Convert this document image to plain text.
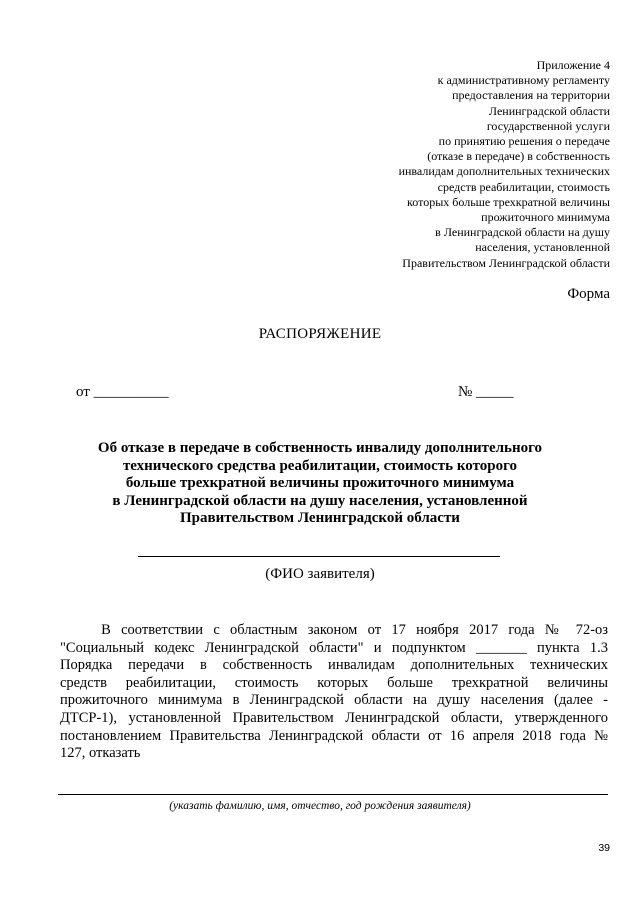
Приложение 4
к административному регламенту
предоставления на территории
Ленинградской области
государственной услуги
по принятию решения о передаче
(отказе в передаче) в собственность
инвалидам дополнительных технических
средств реабилитации, стоимость
которых больше трехкратной величины
прожиточного минимума
в Ленинградской области на душу
населения, установленной
Правительством Ленинградской области
Форма
РАСПОРЯЖЕНИЕ
от __________	№ _____
Об отказе в передаче в собственность инвалиду дополнительного
технического средства реабилитации, стоимость которого
больше трехкратной величины прожиточного минимума
в Ленинградской области на душу населения, установленной
Правительством Ленинградской области
(ФИО заявителя)
В соответствии с областным законом от 17 ноября 2017 года № 72-оз
"Социальный кодекс Ленинградской области" и подпунктом _______ пункта 1.3
Порядка передачи в собственность инвалидам дополнительных технических
средств реабилитации, стоимость которых больше трехкратной величины
прожиточного минимума в Ленинградской области на душу населения (далее -
ДТСР-1), установленной Правительством Ленинградской области, утвержденного
постановлением Правительства Ленинградской области от 16 апреля 2018 года №
127, отказать
(указать фамилию, имя, отчество, год рождения заявителя)
39
